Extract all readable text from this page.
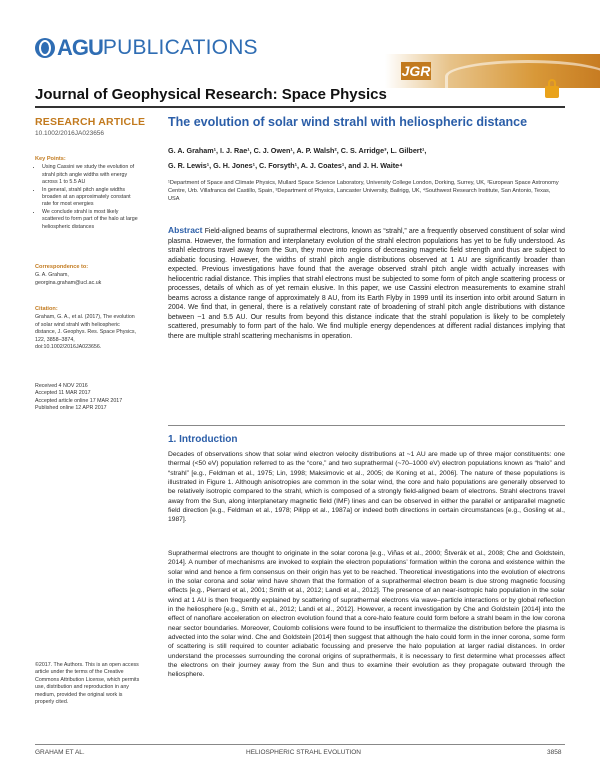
AGU PUBLICATIONS
JGR
Journal of Geophysical Research: Space Physics
RESEARCH ARTICLE
10.1002/2016JA023656
Key Points:
• Using Cassini we study the evolution of strahl pitch angle widths with energy across 1 to 5.5 AU
• In general, strahl pitch angle widths broaden at an approximately constant rate for most energies
• We conclude strahl is most likely scattered to form part of the halo at large heliospheric distances
Correspondence to:
G. A. Graham,
georgina.graham@ucl.ac.uk
Citation:
Graham, G. A., et al. (2017), The evolution of solar wind strahl with heliospheric distance, J. Geophys. Res. Space Physics, 122, 3858–3874, doi:10.1002/2016JA023656.
Received 4 NOV 2016
Accepted 11 MAR 2017
Accepted article online 17 MAR 2017
Published online 12 APR 2017
©2017. The Authors. This is an open access article under the terms of the Creative Commons Attribution License, which permits use, distribution and reproduction in any medium, provided the original work is properly cited.
The evolution of solar wind strahl with heliospheric distance
G. A. Graham¹, I. J. Rae¹, C. J. Owen¹, A. P. Walsh², C. S. Arridge³, L. Gilbert¹,
G. R. Lewis¹, G. H. Jones¹, C. Forsyth¹, A. J. Coates¹, and J. H. Waite⁴
¹Department of Space and Climate Physics, Mullard Space Science Laboratory, University College London, Dorking, Surrey, UK, ²European Space Astronomy Centre, Urb. Villafranca del Castillo, Spain, ³Department of Physics, Lancaster University, Bailrigg, UK, ⁴Southwest Research Institute, San Antonio, Texas, USA
Abstract Field-aligned beams of suprathermal electrons, known as “strahl,” are a frequently observed constituent of solar wind plasma. However, the formation and interplanetary evolution of the strahl electron populations has yet to be fully understood. As strahl electrons travel away from the Sun, they move into regions of decreasing magnetic field strength and thus are subject to adiabatic focusing. However, the widths of strahl pitch angle distributions observed at 1 AU are significantly broader than expected. Previous investigations have found that the average observed strahl pitch angle width actually increases with heliocentric radial distance. This implies that strahl electrons must be subjected to some form of pitch angle scattering process or processes, details of which as of yet remain elusive. In this paper, we use Cassini electron measurements to examine strahl beams across a distance range of approximately 8 AU, from its Earth Flyby in 1999 until its insertion into orbit around Saturn in 2004. We find that, in general, there is a relatively constant rate of broadening of strahl pitch angle distributions with distance between ~1 and 5.5 AU. Our results from beyond this distance indicate that the strahl population is likely to be completely scattered, presumably to form part of the halo. We find multiple energy dependences at different radial distances implying that there are multiple strahl scattering mechanisms in operation.
1. Introduction
Decades of observations show that solar wind electron velocity distributions at ~1 AU are made up of three major constituents: one thermal (<50 eV) population referred to as the “core,” and two suprathermal (~70–1000 eV) electron populations known as “halo” and “strahl” [e.g., Feldman et al., 1975; Lin, 1998; Maksimovic et al., 2005; de Koning et al., 2006]. The nature of these populations is illustrated in Figure 1. Although anisotropies are common in the solar wind, the core and halo populations are generally observed to be relatively isotropic compared to the strahl, which is composed of a strongly field-aligned beam of electrons. Strahl electrons travel away from the Sun, along interplanetary magnetic field (IMF) lines and can be observed in either the parallel or antiparallel magnetic field direction [e.g., Feldman et al., 1978; Pilipp et al., 1987a] or indeed both directions in certain circumstances [e.g., Gosling et al., 1987].
Suprathermal electrons are thought to originate in the solar corona [e.g., Viñas et al., 2000; Štverák et al., 2008; Che and Goldstein, 2014]. A number of mechanisms are invoked to explain the electron populations’ formation within the corona and existence within the solar wind and hence a firm consensus on their origin has yet to be reached. Theoretical investigations into the evolution of electrons in the solar corona and solar wind have shown that the formation of a suprathermal electron beam is due strong magnetic focusing effects [e.g., Pierrard et al., 2001; Smith et al., 2012; Landi et al., 2012]. The presence of an near-isotropic halo population in the solar wind at 1 AU is then frequently explained by scattering of suprathermal electrons via wave–particle interactions or by global reflection in the heliosphere [e.g., Smith et al., 2012; Landi et al., 2012]. However, a recent investigation by Che and Goldstein [2014] into the effect of nanoflare acceleration on electron evolution found that a core-halo feature could form before a strahl beam in the low corona near sector boundaries. Moreover, Coulomb collisions were found to be insufficient to thermalize the distribution before the plasma is advected into the solar wind. Che and Goldstein [2014] then suggest that although the halo could form in the inner corona, some form of scattering is still required to counter adiabatic focussing and preserve the halo population at larger radial distances. In order understand the processes surrounding the coronal origins of suprathermals, it is necessary to first determine what processes affect the electrons on their journey away from the Sun and thus to examine their evolution as they propagate outward through the heliosphere.
GRAHAM ET AL.	HELIOSPHERIC STRAHL EVOLUTION	3858
